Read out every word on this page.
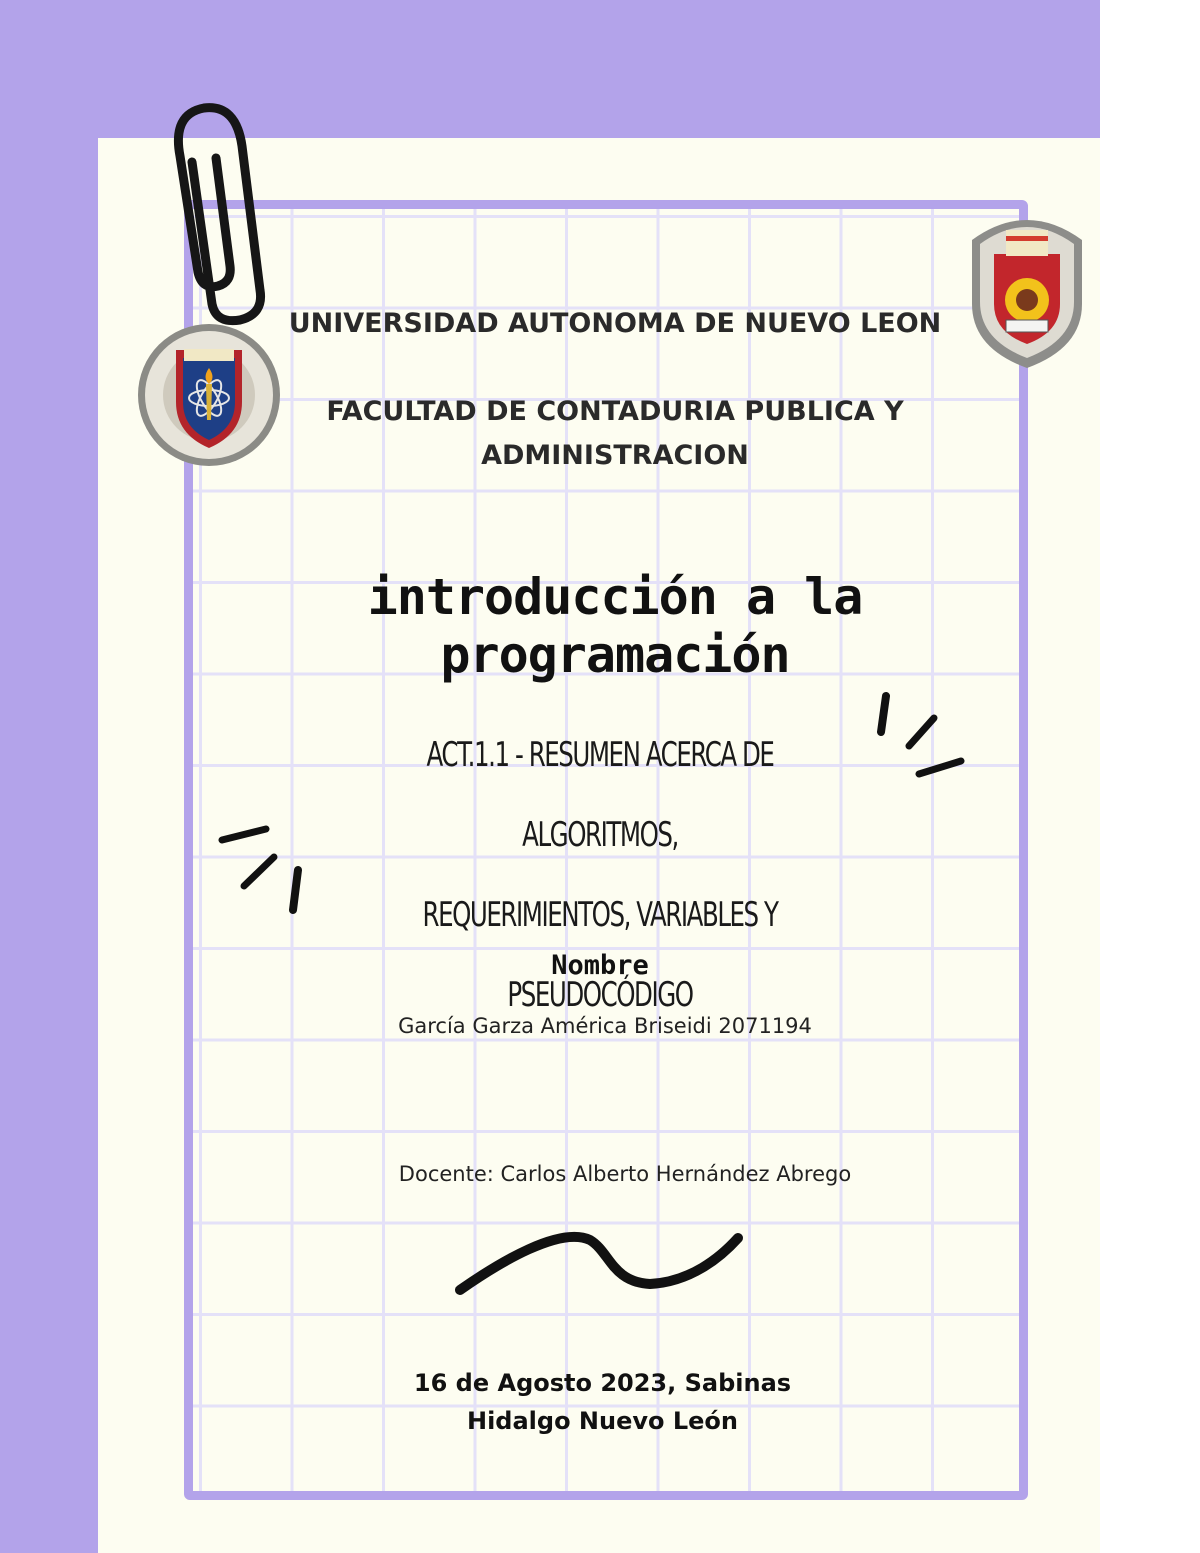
UNIVERSIDAD AUTONOMA DE NUEVO LEON
FACULTAD DE CONTADURIA PUBLICA Y
ADMINISTRACION
introducción a la programación
ACT.1.1 - RESUMEN ACERCA DE ALGORITMOS,
REQUERIMIENTOS, VARIABLES Y PSEUDOCÓDIGO
Nombre
García Garza América Briseidi 2071194
Docente: Carlos Alberto Hernández Abrego
16 de Agosto 2023, Sabinas
Hidalgo Nuevo León
